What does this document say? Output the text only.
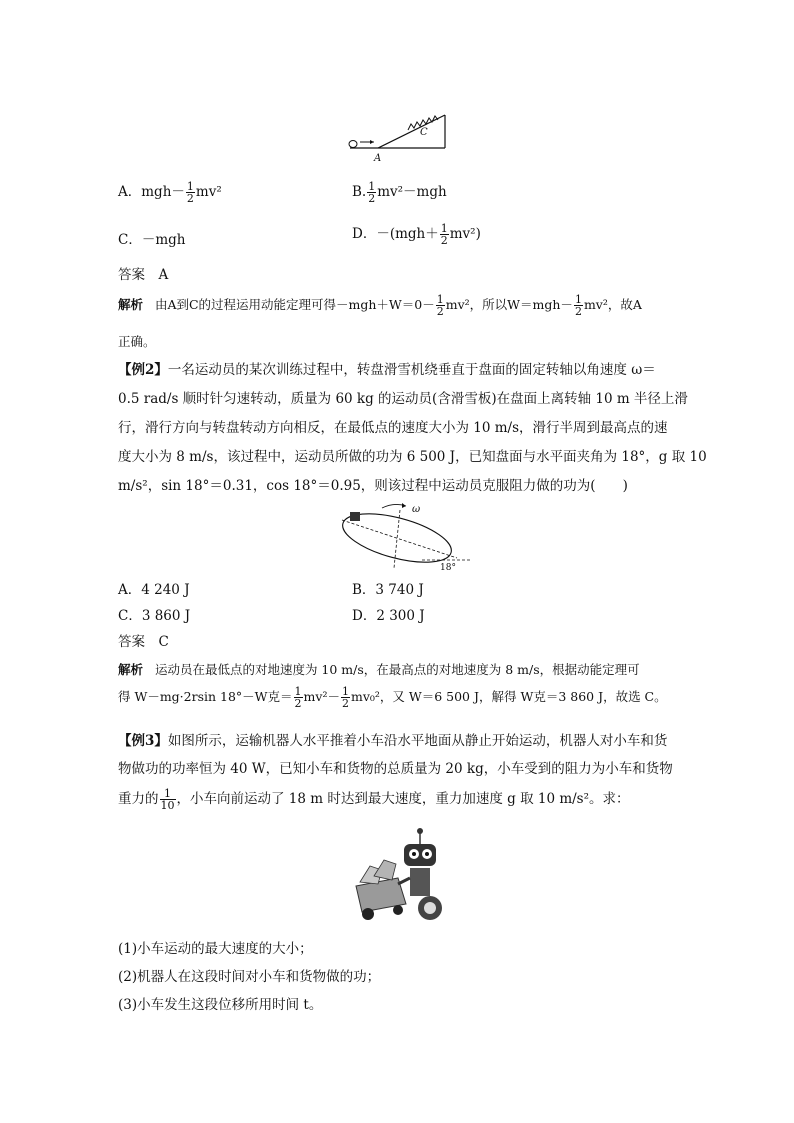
A
C
A．$mgh- \frac{1}{2} mv^2$	B. $\frac{1}{2} mv^2-mgh$
C．－mgh	D．$-(mgh+ \frac{1}{2} mv^2)$
答案　A
解析 由A到C的过程运用动能定理可得$-mgh+W=0- \frac{1}{2} mv^2$，所以$W=mgh- \frac{1}{2} mv^2$，故A
正确。
【例2】一名运动员的某次训练过程中，转盘滑雪机绕垂直于盘面的固定转轴以角速度 ω＝
0.5 rad/s 顺时针匀速转动，质量为 60 kg 的运动员(含滑雪板)在盘面上离转轴 10 m 半径上滑
行，滑行方向与转盘转动方向相反，在最低点的速度大小为 10 m/s，滑行半周到最高点的速
度大小为 8 m/s，该过程中，运动员所做的功为 6 500 J，已知盘面与水平面夹角为 18°，g 取 10
m/s²，sin 18°＝0.31，cos 18°＝0.95，则该过程中运动员克服阻力做的功为(　　)
ω
18°
A．4 240 J	B．3 740 J
C．3 860 J	D．2 300 J
答案　C
解析 运动员在最低点的对地速度为 10 m/s，在最高点的对地速度为 8 m/s，根据动能定理可
得 W－mg·2rsin 18°－W克＝ $\frac{1}{2} mv^2- \frac{1}{2} mv_0^2$，又 W＝6 500 J，解得 W克＝3 860 J，故选 C。
【例3】如图所示，运输机器人水平推着小车沿水平地面从静止开始运动，机器人对小车和货
物做功的功率恒为 40 W，已知小车和货物的总质量为 20 kg，小车受到的阻力为小车和货物
重力的 $\frac{1}{10}$ ，小车向前运动了 18 m 时达到最大速度，重力加速度 g 取 10 m/s²。求：
(1)小车运动的最大速度的大小；
(2)机器人在这段时间对小车和货物做的功；
(3)小车发生这段位移所用时间 t。
